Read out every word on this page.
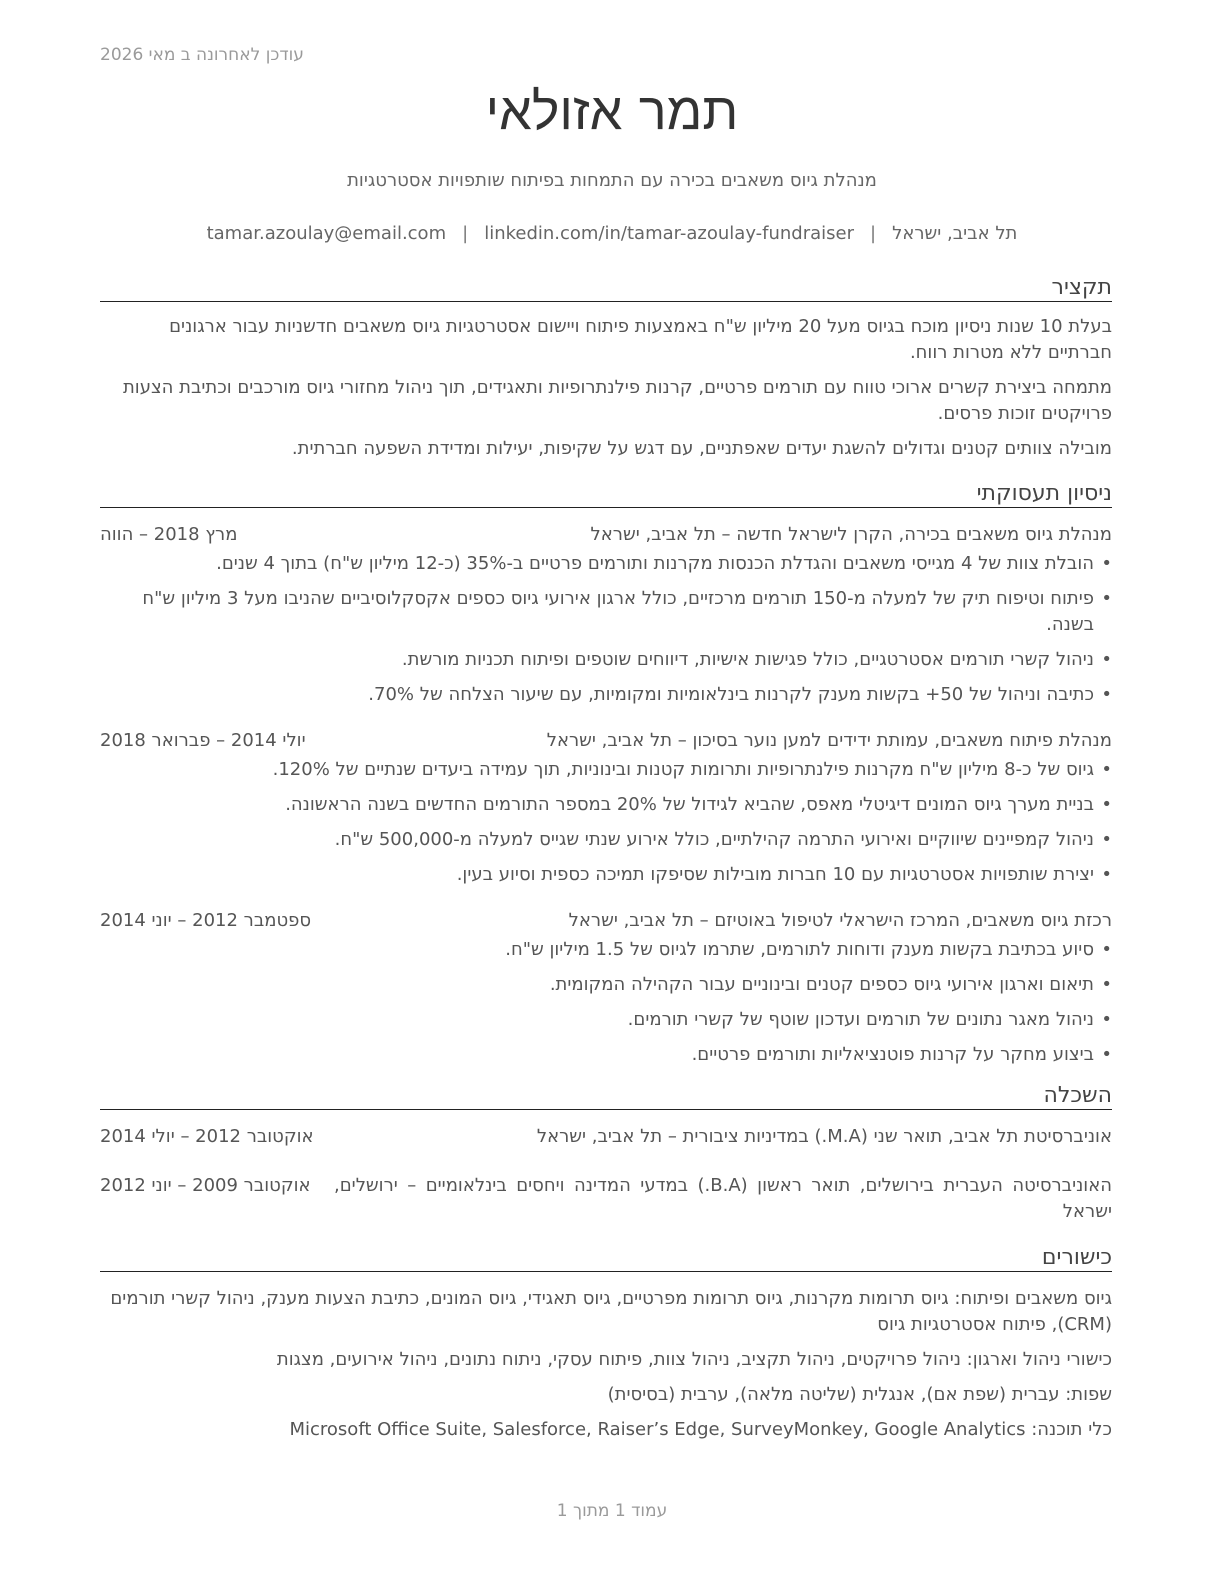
עודכן לאחרונה ב מאי 2026
תמר אזולאי
מנהלת גיוס משאבים בכירה עם התמחות בפיתוח שותפויות אסטרטגיות
תל אביב, ישראל|tamar.azoulay@email.com | linkedin.com/in/tamar-azoulay-fundraiser
תקציר

בעלת 10 שנות ניסיון מוכח בגיוס מעל 20 מיליון ש"ח באמצעות פיתוח ויישום אסטרטגיות גיוס משאבים חדשניות עבור ארגונים חברתיים ללא מטרות רווח.

מתמחה ביצירת קשרים ארוכי טווח עם תורמים פרטיים, קרנות פילנתרופיות ותאגידים, תוך ניהול מחזורי גיוס מורכבים וכתיבת הצעות פרויקטים זוכות פרסים.

מובילה צוותים קטנים וגדולים להשגת יעדים שאפתניים, עם דגש על שקיפות, יעילות ומדידת השפעה חברתית.

ניסיון תעסוקתי
מנהלת גיוס משאבים בכירה, הקרן לישראל חדשה – תל אביב, ישראל
מרץ 2018 – הווה
• הובלת צוות של 4 מגייסי משאבים והגדלת הכנסות מקרנות ותורמים פרטיים ב-35% (כ-12 מיליון ש"ח) בתוך 4 שנים.
• פיתוח וטיפוח תיק של למעלה מ-150 תורמים מרכזיים, כולל ארגון אירועי גיוס כספים אקסקלוסיביים שהניבו מעל 3 מיליון ש"ח בשנה.
• ניהול קשרי תורמים אסטרטגיים, כולל פגישות אישיות, דיווחים שוטפים ופיתוח תכניות מורשת.
• כתיבה וניהול של 50+ בקשות מענק לקרנות בינלאומיות ומקומיות, עם שיעור הצלחה של 70%.
מנהלת פיתוח משאבים, עמותת ידידים למען נוער בסיכון – תל אביב, ישראל
יולי 2014 – פברואר 2018
• גיוס של כ-8 מיליון ש"ח מקרנות פילנתרופיות ותרומות קטנות ובינוניות, תוך עמידה ביעדים שנתיים של 120%.
• בניית מערך גיוס המונים דיגיטלי מאפס, שהביא לגידול של 20% במספר התורמים החדשים בשנה הראשונה.
• ניהול קמפיינים שיווקיים ואירועי התרמה קהילתיים, כולל אירוע שנתי שגייס למעלה מ-500,000 ש"ח.
• יצירת שותפויות אסטרטגיות עם 10 חברות מובילות שסיפקו תמיכה כספית וסיוע בעין.
רכזת גיוס משאבים, המרכז הישראלי לטיפול באוטיזם – תל אביב, ישראל
ספטמבר 2012 – יוני 2014
• סיוע בכתיבת בקשות מענק ודוחות לתורמים, שתרמו לגיוס של 1.5 מיליון ש"ח.
• תיאום וארגון אירועי גיוס כספים קטנים ובינוניים עבור הקהילה המקומית.
• ניהול מאגר נתונים של תורמים ועדכון שוטף של קשרי תורמים.
• ביצוע מחקר על קרנות פוטנציאליות ותורמים פרטיים.
השכלה
אוניברסיטת תל אביב, תואר שני (M.A.) במדיניות ציבורית – תל אביב, ישראל
אוקטובר 2012 – יולי 2014
האוניברסיטה העברית בירושלים, תואר ראשון (B.A.) במדעי המדינה ויחסים בינלאומיים – ירושלים, ישראל
אוקטובר 2009 – יוני 2012
כישורים

גיוס משאבים ופיתוח: גיוס תרומות מקרנות, גיוס תרומות מפרטיים, גיוס תאגידי, גיוס המונים, כתיבת הצעות מענק, ניהול קשרי תורמים (CRM), פיתוח אסטרטגיות גיוס

כישורי ניהול וארגון: ניהול פרויקטים, ניהול תקציב, ניהול צוות, פיתוח עסקי, ניתוח נתונים, ניהול אירועים, מצגות

שפות: עברית (שפת אם), אנגלית (שליטה מלאה), ערבית (בסיסית)

כלי תוכנה: Microsoft Office Suite, Salesforce, Raiser’s Edge, SurveyMonkey, Google Analytics

עמוד 1 מתוך 1
